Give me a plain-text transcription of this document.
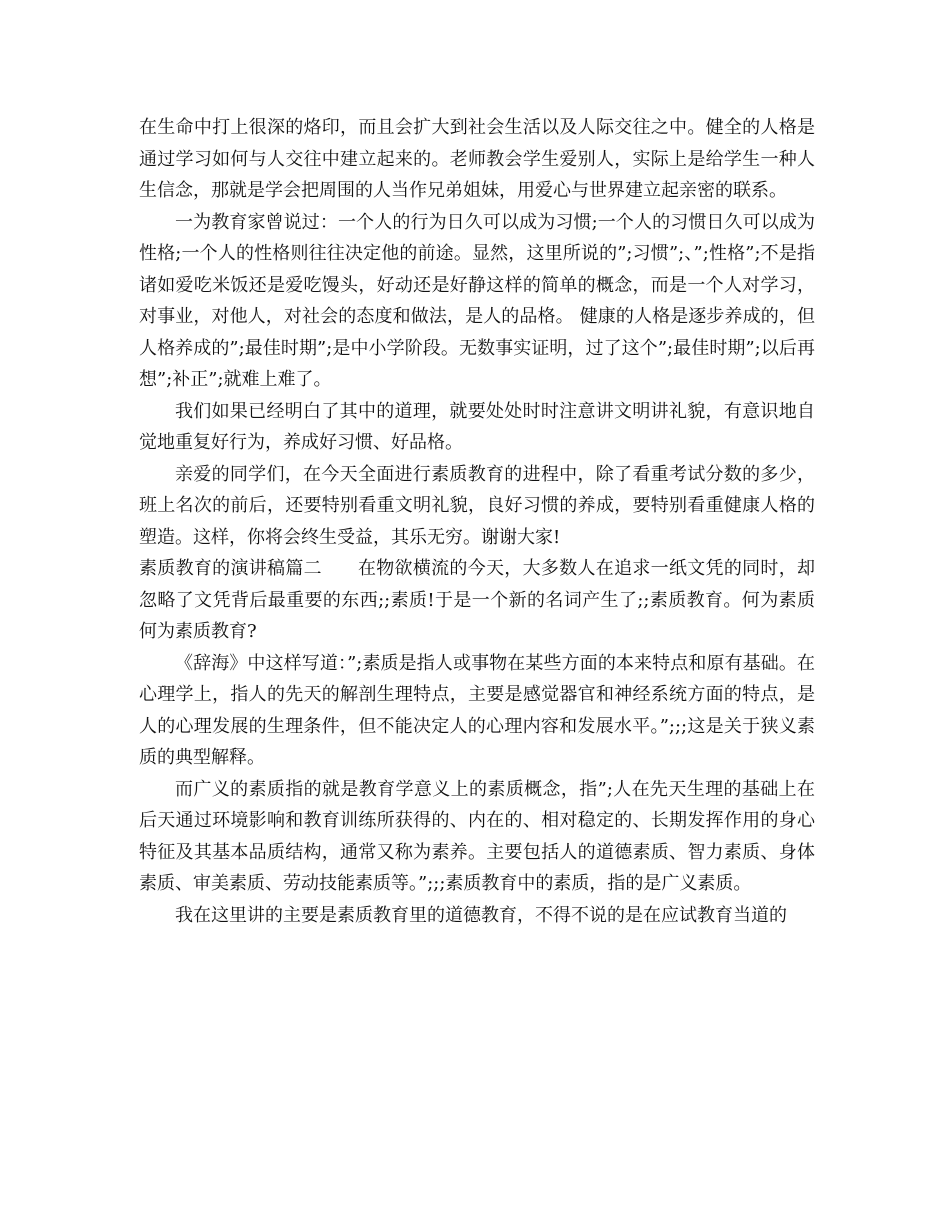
在生命中打上很深的烙印，而且会扩大到社会生活以及人际交往之中。健全的人格是通过学习如何与人交往中建立起来的。老师教会学生爱别人，实际上是给学生一种人生信念，那就是学会把周围的人当作兄弟姐妹，用爱心与世界建立起亲密的联系。

一为教育家曾说过：一个人的行为日久可以成为习惯;一个人的习惯日久可以成为性格;一个人的性格则往往决定他的前途。显然，这里所说的”;习惯”;、”;性格”;不是指诸如爱吃米饭还是爱吃馒头，好动还是好静这样的简单的概念，而是一个人对学习，对事业，对他人，对社会的态度和做法，是人的品格。 健康的人格是逐步养成的，但人格养成的”;最佳时期”;是中小学阶段。无数事实证明，过了这个”;最佳时期”;以后再想”;补正”;就难上难了。

我们如果已经明白了其中的道理，就要处处时时注意讲文明讲礼貌，有意识地自觉地重复好行为，养成好习惯、好品格。

亲爱的同学们，在今天全面进行素质教育的进程中，除了看重考试分数的多少，班上名次的前后，还要特别看重文明礼貌，良好习惯的养成，要特别看重健康人格的塑造。这样，你将会终生受益，其乐无穷。谢谢大家!

素质教育的演讲稿篇二 在物欲横流的今天，大多数人在追求一纸文凭的同时，却忽略了文凭背后最重要的东西;;素质!于是一个新的名词产生了;;素质教育。何为素质 何为素质教育?

《辞海》中这样写道：”;素质是指人或事物在某些方面的本来特点和原有基础。在心理学上，指人的先天的解剖生理特点，主要是感觉器官和神经系统方面的特点，是人的心理发展的生理条件，但不能决定人的心理内容和发展水平。”;;;这是关于狭义素质的典型解释。

而广义的素质指的就是教育学意义上的素质概念，指”;人在先天生理的基础上在后天通过环境影响和教育训练所获得的、内在的、相对稳定的、长期发挥作用的身心特征及其基本品质结构，通常又称为素养。主要包括人的道德素质、智力素质、身体素质、审美素质、劳动技能素质等。”;;;素质教育中的素质，指的是广义素质。

我在这里讲的主要是素质教育里的道德教育，不得不说的是在应试教育当道的
